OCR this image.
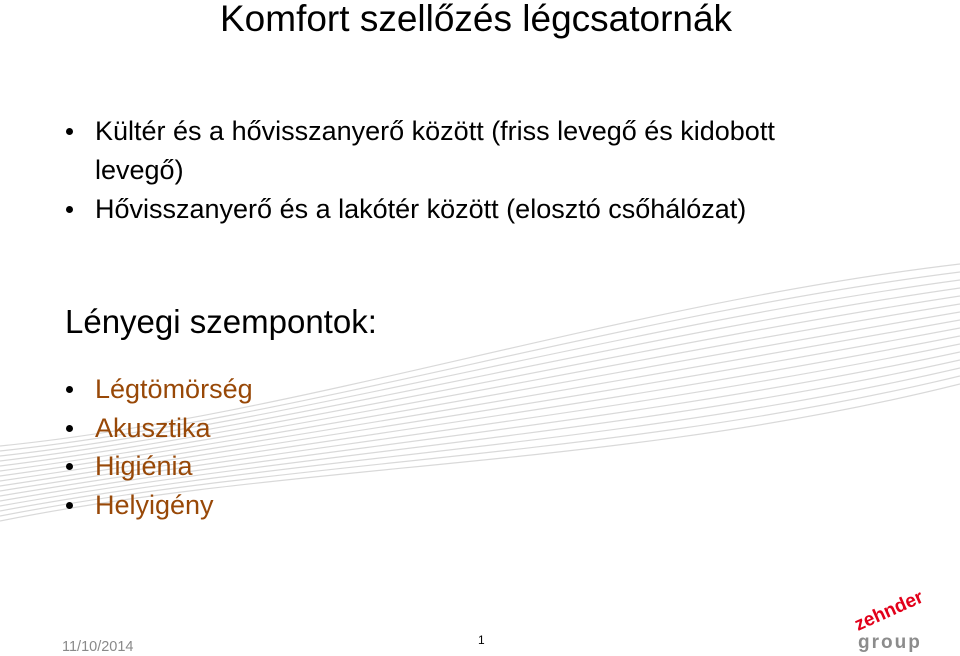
Komfort szellőzés légcsatornák
Kültér és a hővisszanyerő között (friss levegő és kidobott levegő)
Hővisszanyerő és a lakótér között (elosztó csőhálózat)
Lényegi szempontok:
Légtömörség
Akusztika
Higiénia
Helyigény
11/10/2014	1
zehnder
group
